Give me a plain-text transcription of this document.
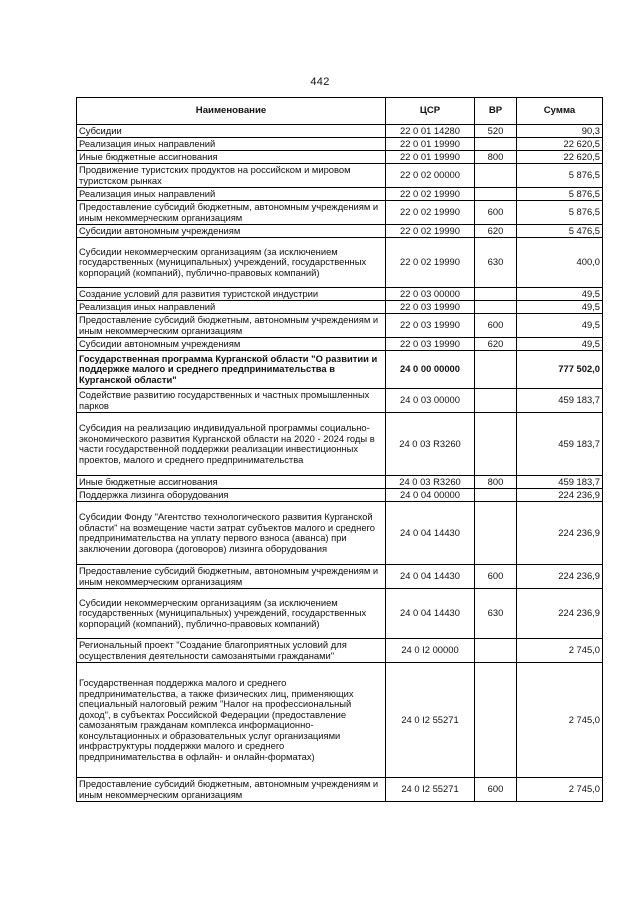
442
Наименование	ЦСР	ВР	Сумма
Субсидии	22 0 01 14280	520	90,3
Реализация иных направлений	22 0 01 19990		22 620,5
Иные бюджетные ассигнования	22 0 01 19990	800	22 620,5
Продвижение туристских продуктов на российском и мировом туристском рынках	22 0 02 00000		5 876,5
Реализация иных направлений	22 0 02 19990		5 876,5
Предоставление субсидий бюджетным, автономным учреждениям и иным некоммерческим организациям	22 0 02 19990	600	5 876,5
Субсидии автономным учреждениям	22 0 02 19990	620	5 476,5
Субсидии некоммерческим организациям (за исключением государственных (муниципальных) учреждений, государственных корпораций (компаний), публично-правовых компаний)	22 0 02 19990	630	400,0
Создание условий для развития туристской индустрии	22 0 03 00000		49,5
Реализация иных направлений	22 0 03 19990		49,5
Предоставление субсидий бюджетным, автономным учреждениям и иным некоммерческим организациям	22 0 03 19990	600	49,5
Субсидии автономным учреждениям	22 0 03 19990	620	49,5
Государственная программа Курганской области "О развитии и поддержке малого и среднего предпринимательства в Курганской области"	24 0 00 00000		777 502,0
Содействие развитию государственных и частных промышленных парков	24 0 03 00000		459 183,7
Субсидия на реализацию индивидуальной программы социально-экономического развития Курганской области на 2020 - 2024 годы в части государственной поддержки реализации инвестиционных проектов, малого и среднего предпринимательства	24 0 03 R3260		459 183,7
Иные бюджетные ассигнования	24 0 03 R3260	800	459 183,7
Поддержка лизинга оборудования	24 0 04 00000		224 236,9
Субсидии Фонду "Агентство технологического развития Курганской области" на возмещение части затрат субъектов малого и среднего предпринимательства на уплату первого взноса (аванса) при заключении договора (договоров) лизинга оборудования	24 0 04 14430		224 236,9
Предоставление субсидий бюджетным, автономным учреждениям и иным некоммерческим организациям	24 0 04 14430	600	224 236,9
Субсидии некоммерческим организациям (за исключением государственных (муниципальных) учреждений, государственных корпораций (компаний), публично-правовых компаний)	24 0 04 14430	630	224 236,9
Региональный проект "Создание благоприятных условий для осуществления деятельности самозанятыми гражданами"	24 0 I2 00000		2 745,0
Государственная поддержка малого и среднего предпринимательства, а также физических лиц, применяющих специальный налоговый режим "Налог на профессиональный доход", в субъектах Российской Федерации (предоставление самозанятым гражданам комплекса информационно-консультационных и образовательных услуг организациями инфраструктуры поддержки малого и среднего предпринимательства в офлайн- и онлайн-форматах)	24 0 I2 55271		2 745,0
Предоставление субсидий бюджетным, автономным учреждениям и иным некоммерческим организациям	24 0 I2 55271	600	2 745,0
